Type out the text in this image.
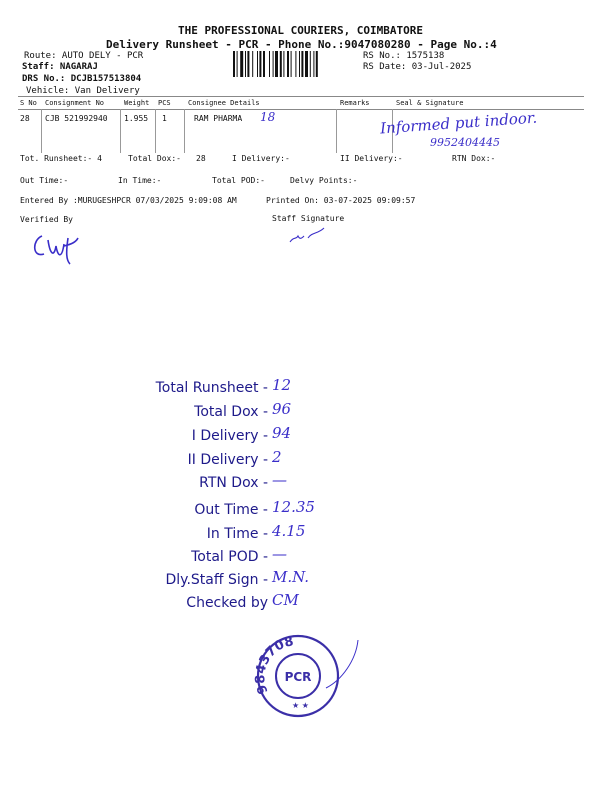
THE PROFESSIONAL COURIERS, COIMBATORE
Delivery Runsheet - PCR - Phone No.:9047080280 - Page No.:4
Route: AUTO DELY - PCR
Staff: NAGARAJ
DRS No.: DCJB157513804
Vehicle: Van Delivery
RS No.: 1575138
RS Date: 03-Jul-2025
S No Consignment No	Weight PCS Consignee Details	Remarks	Seal & Signature
28 CJB 521992940 1.955 1	RAM PHARMA 18	Informed put indoor.
9952404445
Tot. Runsheet:- 4	Total Dox:- 28	I Delivery:-	II Delivery:-	RTN Dox:-
Out Time:-	In Time:-	Total POD:-	Delvy Points:-
Entered By :MURUGESHPCR 07/03/2025 9:09:08 AM	Printed On: 03-07-2025 09:09:57
Verified By	Staff Signature
Total Runsheet - 12
Total Dox - 96
I Delivery - 94
II Delivery - 2
RTN Dox - —
Out Time - 12.35
In Time - 4.15
Total POD - —
Dly.Staff Sign - M.N.
Checked by CM
9843708
PCR
★ ★
